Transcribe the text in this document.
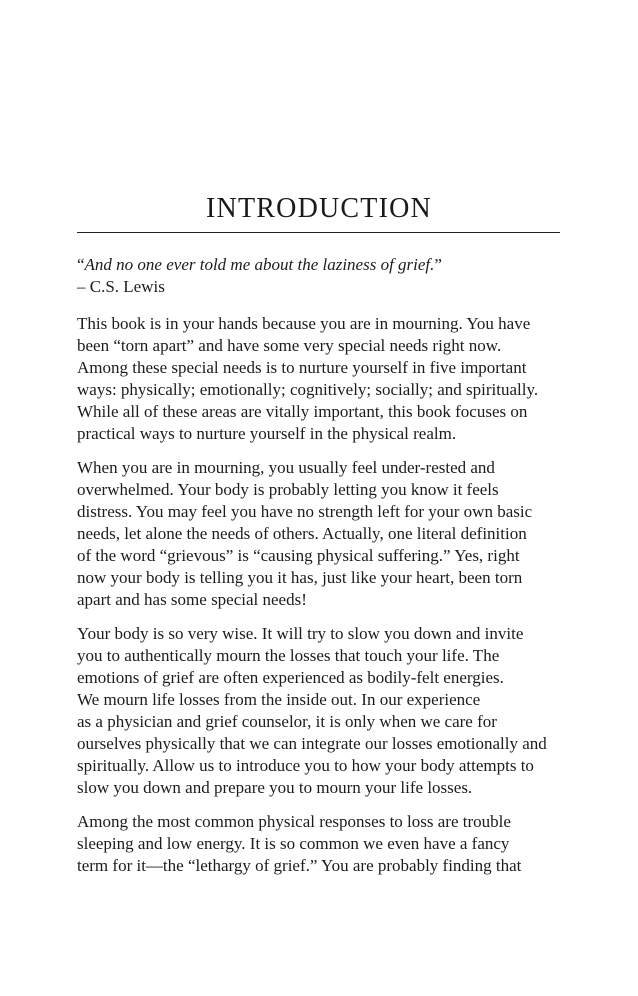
INTRODUCTION
“And no one ever told me about the laziness of grief.”
– C.S. Lewis

This book is in your hands because you are in mourning. You have
been “torn apart” and have some very special needs right now.
Among these special needs is to nurture yourself in five important
ways: physically; emotionally; cognitively; socially; and spiritually.
While all of these areas are vitally important, this book focuses on
practical ways to nurture yourself in the physical realm.

When you are in mourning, you usually feel under-rested and
overwhelmed. Your body is probably letting you know it feels
distress. You may feel you have no strength left for your own basic
needs, let alone the needs of others. Actually, one literal definition
of the word “grievous” is “causing physical suffering.” Yes, right
now your body is telling you it has, just like your heart, been torn
apart and has some special needs!

Your body is so very wise. It will try to slow you down and invite
you to authentically mourn the losses that touch your life. The
emotions of grief are often experienced as bodily-felt energies.
We mourn life losses from the inside out. In our experience
as a physician and grief counselor, it is only when we care for
ourselves physically that we can integrate our losses emotionally and
spiritually. Allow us to introduce you to how your body attempts to
slow you down and prepare you to mourn your life losses.

Among the most common physical responses to loss are trouble
sleeping and low energy. It is so common we even have a fancy
term for it—the “lethargy of grief.” You are probably finding that
